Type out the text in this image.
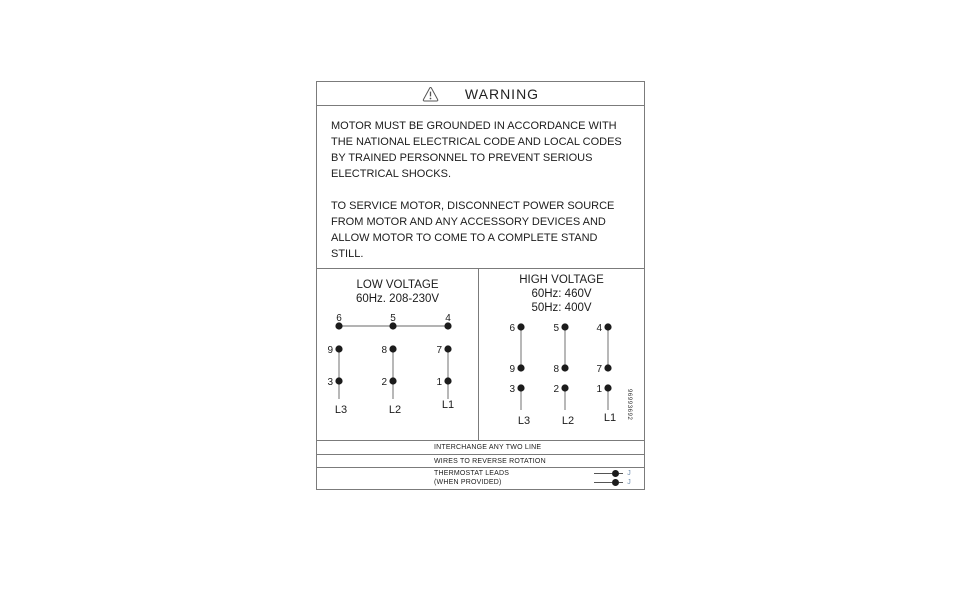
WARNING

MOTOR MUST BE GROUNDED IN ACCORDANCE WITH THE NATIONAL ELECTRICAL CODE AND LOCAL CODES BY TRAINED PERSONNEL TO PREVENT SERIOUS ELECTRICAL SHOCKS.

TO SERVICE MOTOR, DISCONNECT POWER SOURCE FROM MOTOR AND ANY ACCESSORY DEVICES AND ALLOW MOTOR TO COME TO A COMPLETE STAND STILL.

LOW VOLTAGE
60Hz. 208-230V
6	5	4
9	8	7
3	2	1
L3	L2	L1
HIGH VOLTAGE
60Hz: 460V
50Hz: 400V
6	5	4
9	8	7
3	2	1
L3	L2	L1 96993692
INTERCHANGE ANY TWO LINE
WIRES TO REVERSE ROTATION
THERMOSTAT LEADS	J
(WHEN PROVIDED)	J
